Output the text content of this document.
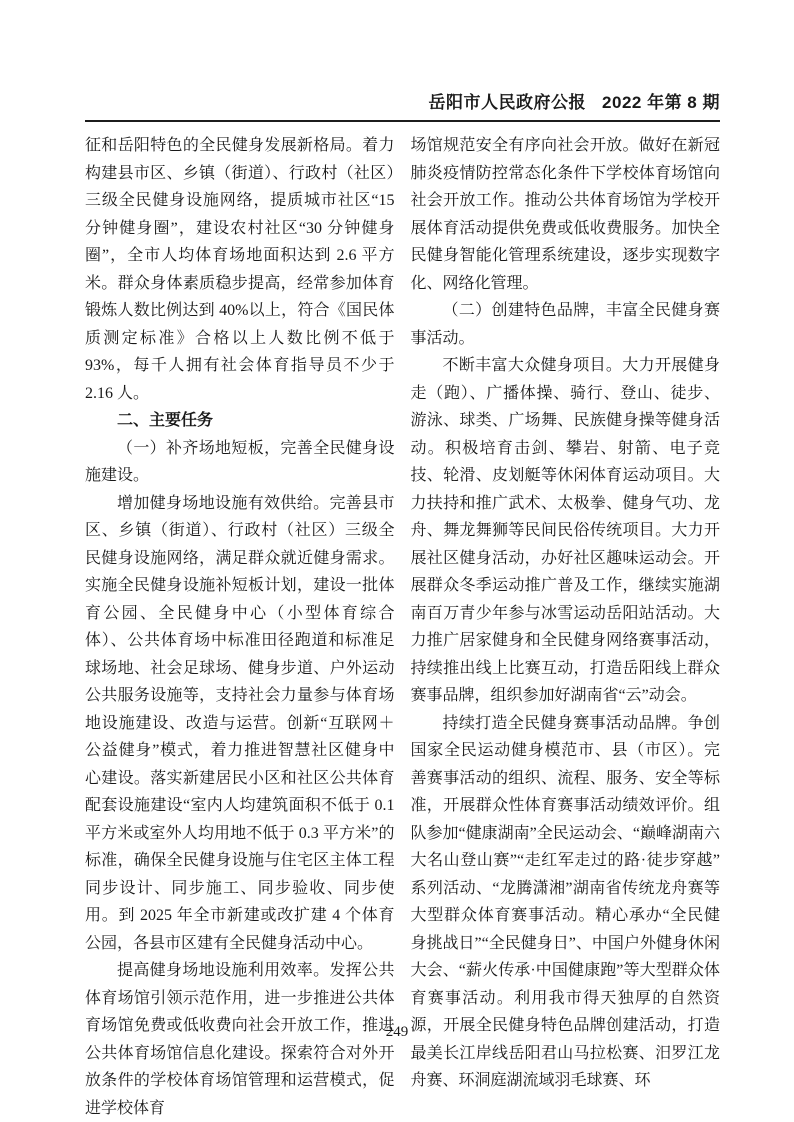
岳阳市人民政府公报 2022 年第 8 期

征和岳阳特色的全民健身发展新格局。着力构建县市区、乡镇（街道）、行政村（社区）三级全民健身设施网络，提质城市社区“15 分钟健身圈”，建设农村社区“30 分钟健身圈”，全市人均体育场地面积达到 2.6 平方米。群众身体素质稳步提高，经常参加体育锻炼人数比例达到 40%以上，符合《国民体质测定标准》合格以上人数比例不低于 93%，每千人拥有社会体育指导员不少于 2.16 人。

二、主要任务

（一）补齐场地短板，完善全民健身设施建设。

增加健身场地设施有效供给。完善县市区、乡镇（街道）、行政村（社区）三级全民健身设施网络，满足群众就近健身需求。实施全民健身设施补短板计划，建设一批体育公园、全民健身中心（小型体育综合体）、公共体育场中标准田径跑道和标准足球场地、社会足球场、健身步道、户外运动公共服务设施等，支持社会力量参与体育场地设施建设、改造与运营。创新“互联网＋公益健身”模式，着力推进智慧社区健身中心建设。落实新建居民小区和社区公共体育配套设施建设“室内人均建筑面积不低于 0.1 平方米或室外人均用地不低于 0.3 平方米”的标准，确保全民健身设施与住宅区主体工程同步设计、同步施工、同步验收、同步使用。到 2025 年全市新建或改扩建 4 个体育公园，各县市区建有全民健身活动中心。

提高健身场地设施利用效率。发挥公共体育场馆引领示范作用，进一步推进公共体育场馆免费或低收费向社会开放工作，推进公共体育场馆信息化建设。探索符合对外开放条件的学校体育场馆管理和运营模式，促进学校体育

场馆规范安全有序向社会开放。做好在新冠肺炎疫情防控常态化条件下学校体育场馆向社会开放工作。推动公共体育场馆为学校开展体育活动提供免费或低收费服务。加快全民健身智能化管理系统建设，逐步实现数字化、网络化管理。

（二）创建特色品牌，丰富全民健身赛事活动。

不断丰富大众健身项目。大力开展健身走（跑）、广播体操、骑行、登山、徒步、游泳、球类、广场舞、民族健身操等健身活动。积极培育击剑、攀岩、射箭、电子竞技、轮滑、皮划艇等休闲体育运动项目。大力扶持和推广武术、太极拳、健身气功、龙舟、舞龙舞狮等民间民俗传统项目。大力开展社区健身活动，办好社区趣味运动会。开展群众冬季运动推广普及工作，继续实施湖南百万青少年参与冰雪运动岳阳站活动。大力推广居家健身和全民健身网络赛事活动，持续推出线上比赛互动，打造岳阳线上群众赛事品牌，组织参加好湖南省“云”动会。

持续打造全民健身赛事活动品牌。争创国家全民运动健身模范市、县（市区）。完善赛事活动的组织、流程、服务、安全等标准，开展群众性体育赛事活动绩效评价。组队参加“健康湖南”全民运动会、“巅峰湖南六大名山登山赛”“走红军走过的路·徒步穿越”系列活动、“龙腾潇湘”湖南省传统龙舟赛等大型群众体育赛事活动。精心承办“全民健身挑战日”“全民健身日”、中国户外健身休闲大会、“薪火传承·中国健康跑”等大型群众体育赛事活动。利用我市得天独厚的自然资源，开展全民健身特色品牌创建活动，打造最美长江岸线岳阳君山马拉松赛、汨罗江龙舟赛、环洞庭湖流域羽毛球赛、环

249
